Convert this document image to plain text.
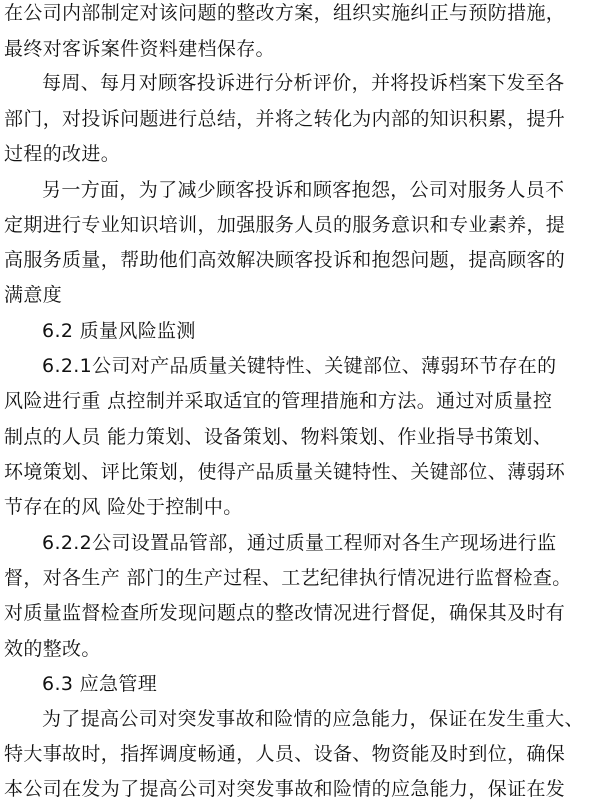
在公司内部制定对该问题的整改方案，组织实施纠正与预防措施，
最终对客诉案件资料建档保存。
每周、每月对顾客投诉进行分析评价，并将投诉档案下发至各
部门，对投诉问题进行总结，并将之转化为内部的知识积累，提升
过程的改进。
另一方面，为了减少顾客投诉和顾客抱怨，公司对服务人员不
定期进行专业知识培训，加强服务人员的服务意识和专业素养，提
高服务质量，帮助他们高效解决顾客投诉和抱怨问题，提高顾客的
满意度
6.2 质量风险监测
6.2.1公司对产品质量关键特性、关键部位、薄弱环节存在的
风险进行重 点控制并采取适宜的管理措施和方法。通过对质量控
制点的人员 能力策划、设备策划、物料策划、作业指导书策划、
环境策划、评比策划，使得产品质量关键特性、关键部位、薄弱环
节存在的风 险处于控制中。
6.2.2公司设置品管部，通过质量工程师对各生产现场进行监
督，对各生产 部门的生产过程、工艺纪律执行情况进行监督检查。
对质量监督检查所发现问题点的整改情况进行督促，确保其及时有
效的整改。
6.3 应急管理
为了提高公司对突发事故和险情的应急能力，保证在发生重大、
特大事故时，指挥调度畅通，人员、设备、物资能及时到位，确保
本公司在发为了提高公司对突发事故和险情的应急能力，保证在发
